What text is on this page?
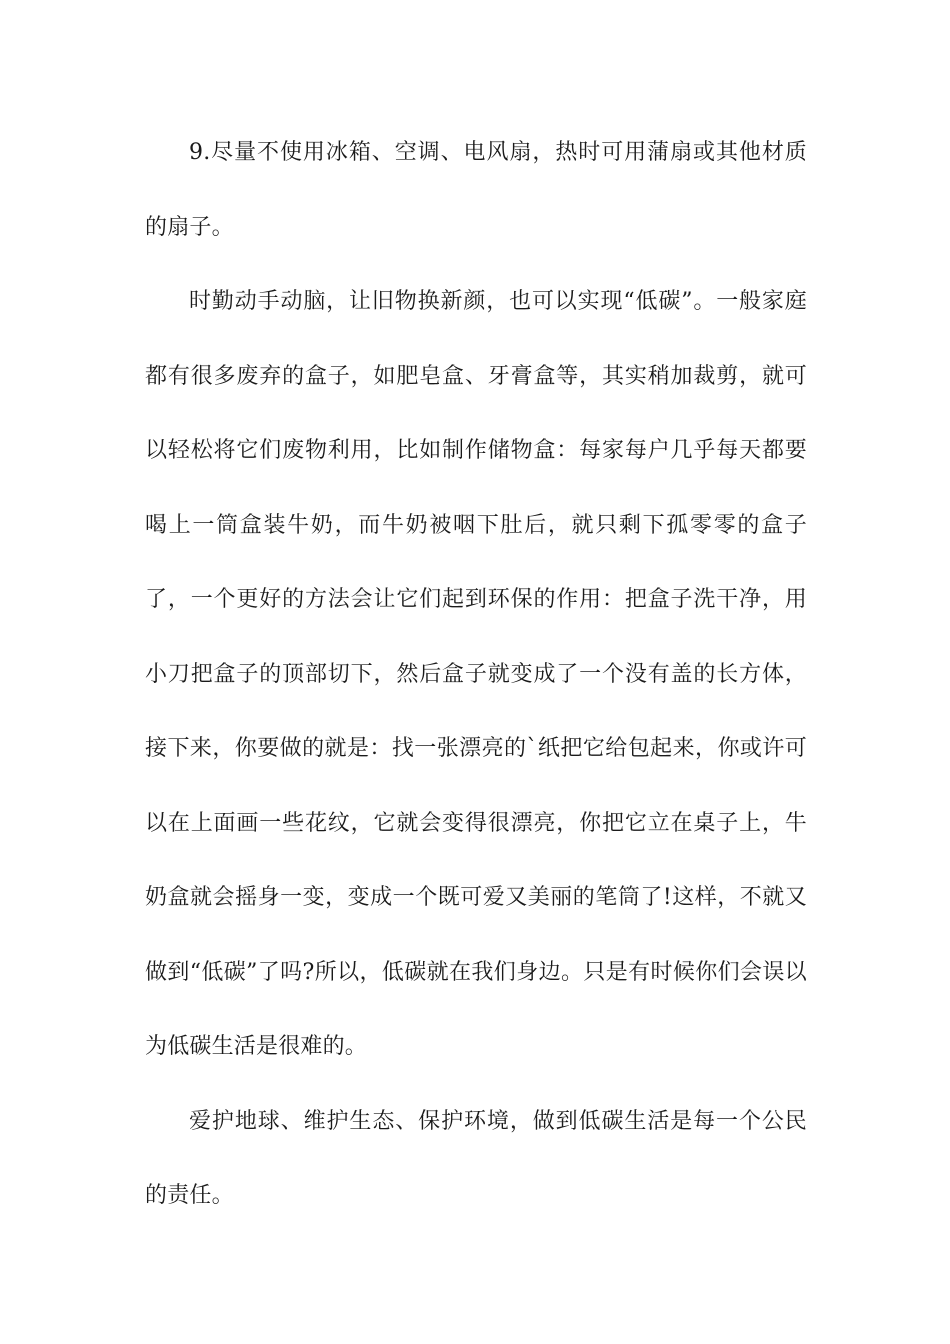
9.尽量不使用冰箱、空调、电风扇，热时可用蒲扇或其他材质的扇子。

时勤动手动脑，让旧物换新颜，也可以实现“低碳”。一般家庭都有很多废弃的盒子，如肥皂盒、牙膏盒等，其实稍加裁剪，就可以轻松将它们废物利用，比如制作储物盒：每家每户几乎每天都要喝上一筒盒装牛奶，而牛奶被咽下肚后，就只剩下孤零零的盒子了，一个更好的方法会让它们起到环保的作用：把盒子洗干净，用小刀把盒子的顶部切下，然后盒子就变成了一个没有盖的长方体，接下来，你要做的就是：找一张漂亮的`纸把它给包起来，你或许可以在上面画一些花纹，它就会变得很漂亮，你把它立在桌子上，牛奶盒就会摇身一变，变成一个既可爱又美丽的笔筒了!这样，不就又做到“低碳”了吗?所以，低碳就在我们身边。只是有时候你们会误以为低碳生活是很难的。

爱护地球、维护生态、保护环境，做到低碳生活是每一个公民的责任。
